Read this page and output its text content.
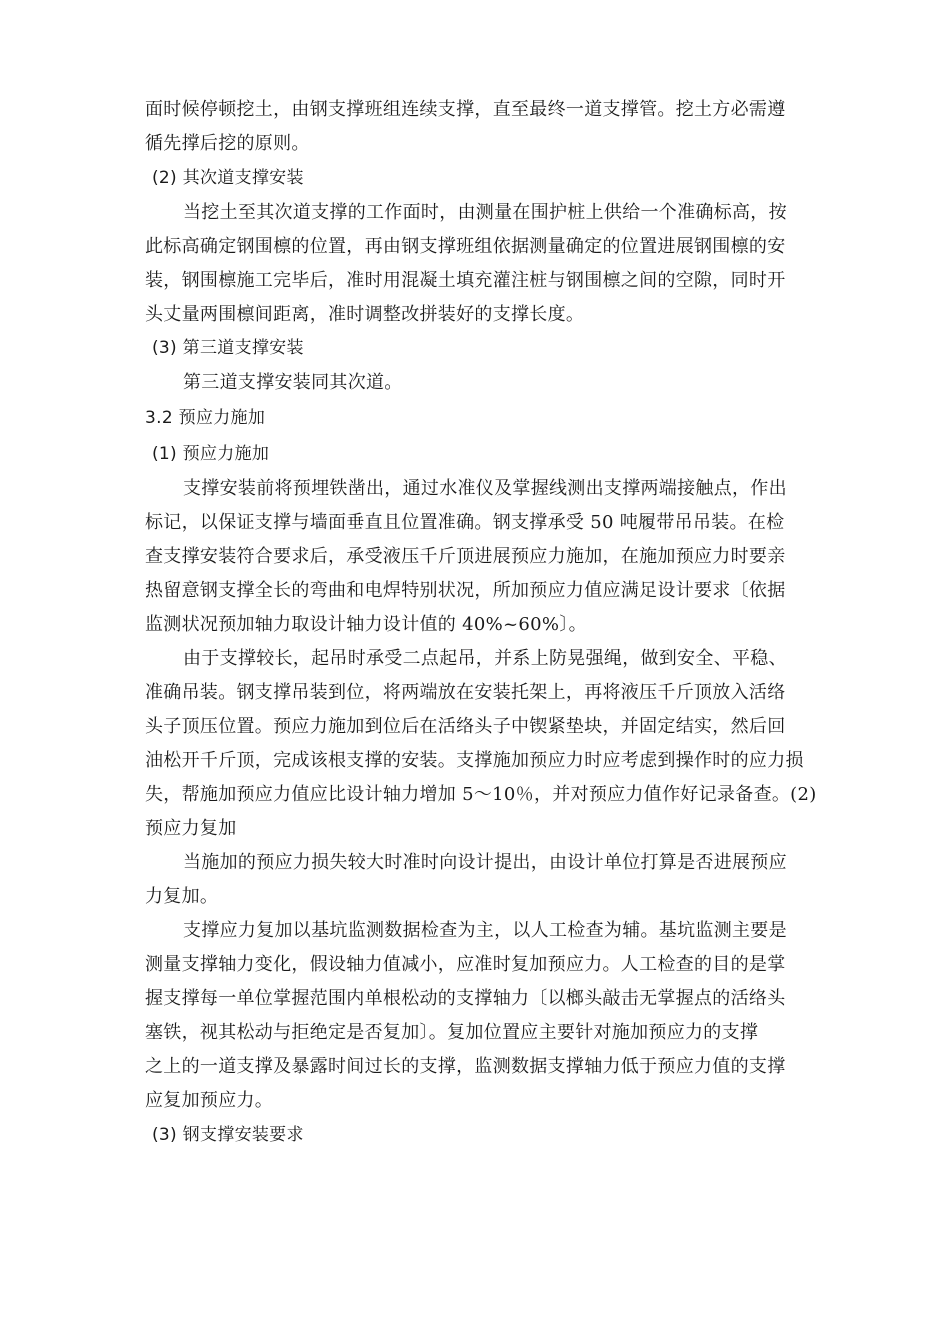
面时候停顿挖土，由钢支撑班组连续支撑，直至最终一道支撑管。挖土方必需遵
循先撑后挖的原则。
(2) 其次道支撑安装
当挖土至其次道支撑的工作面时，由测量在围护桩上供给一个准确标高，按
此标高确定钢围檩的位置，再由钢支撑班组依据测量确定的位置进展钢围檩的安
装，钢围檩施工完毕后，准时用混凝土填充灌注桩与钢围檩之间的空隙，同时开
头丈量两围檩间距离，准时调整改拼装好的支撑长度。
(3) 第三道支撑安装
第三道支撑安装同其次道。
3.2 预应力施加
(1) 预应力施加
支撑安装前将预埋铁凿出，通过水准仪及掌握线测出支撑两端接触点，作出
标记，以保证支撑与墙面垂直且位置准确。钢支撑承受 50 吨履带吊吊装。在检
查支撑安装符合要求后，承受液压千斤顶进展预应力施加，在施加预应力时要亲
热留意钢支撑全长的弯曲和电焊特别状况，所加预应力值应满足设计要求〔依据
监测状况预加轴力取设计轴力设计值的 40%~60%〕。
由于支撑较长，起吊时承受二点起吊，并系上防晃强绳，做到安全、平稳、
准确吊装。钢支撑吊装到位，将两端放在安装托架上，再将液压千斤顶放入活络
头子顶压位置。预应力施加到位后在活络头子中锲紧垫块，并固定结实，然后回
油松开千斤顶，完成该根支撑的安装。支撑施加预应力时应考虑到操作时的应力损
失，帮施加预应力值应比设计轴力增加 5～10％，并对预应力值作好记录备查。(2)
预应力复加
当施加的预应力损失较大时准时向设计提出，由设计单位打算是否进展预应
力复加。
支撑应力复加以基坑监测数据检查为主，以人工检查为辅。基坑监测主要是
测量支撑轴力变化，假设轴力值减小，应准时复加预应力。人工检查的目的是掌
握支撑每一单位掌握范围内单根松动的支撑轴力〔以榔头敲击无掌握点的活络头
塞铁，视其松动与拒绝定是否复加〕。复加位置应主要针对施加预应力的支撑
之上的一道支撑及暴露时间过长的支撑，监测数据支撑轴力低于预应力值的支撑
应复加预应力。
(3) 钢支撑安装要求
